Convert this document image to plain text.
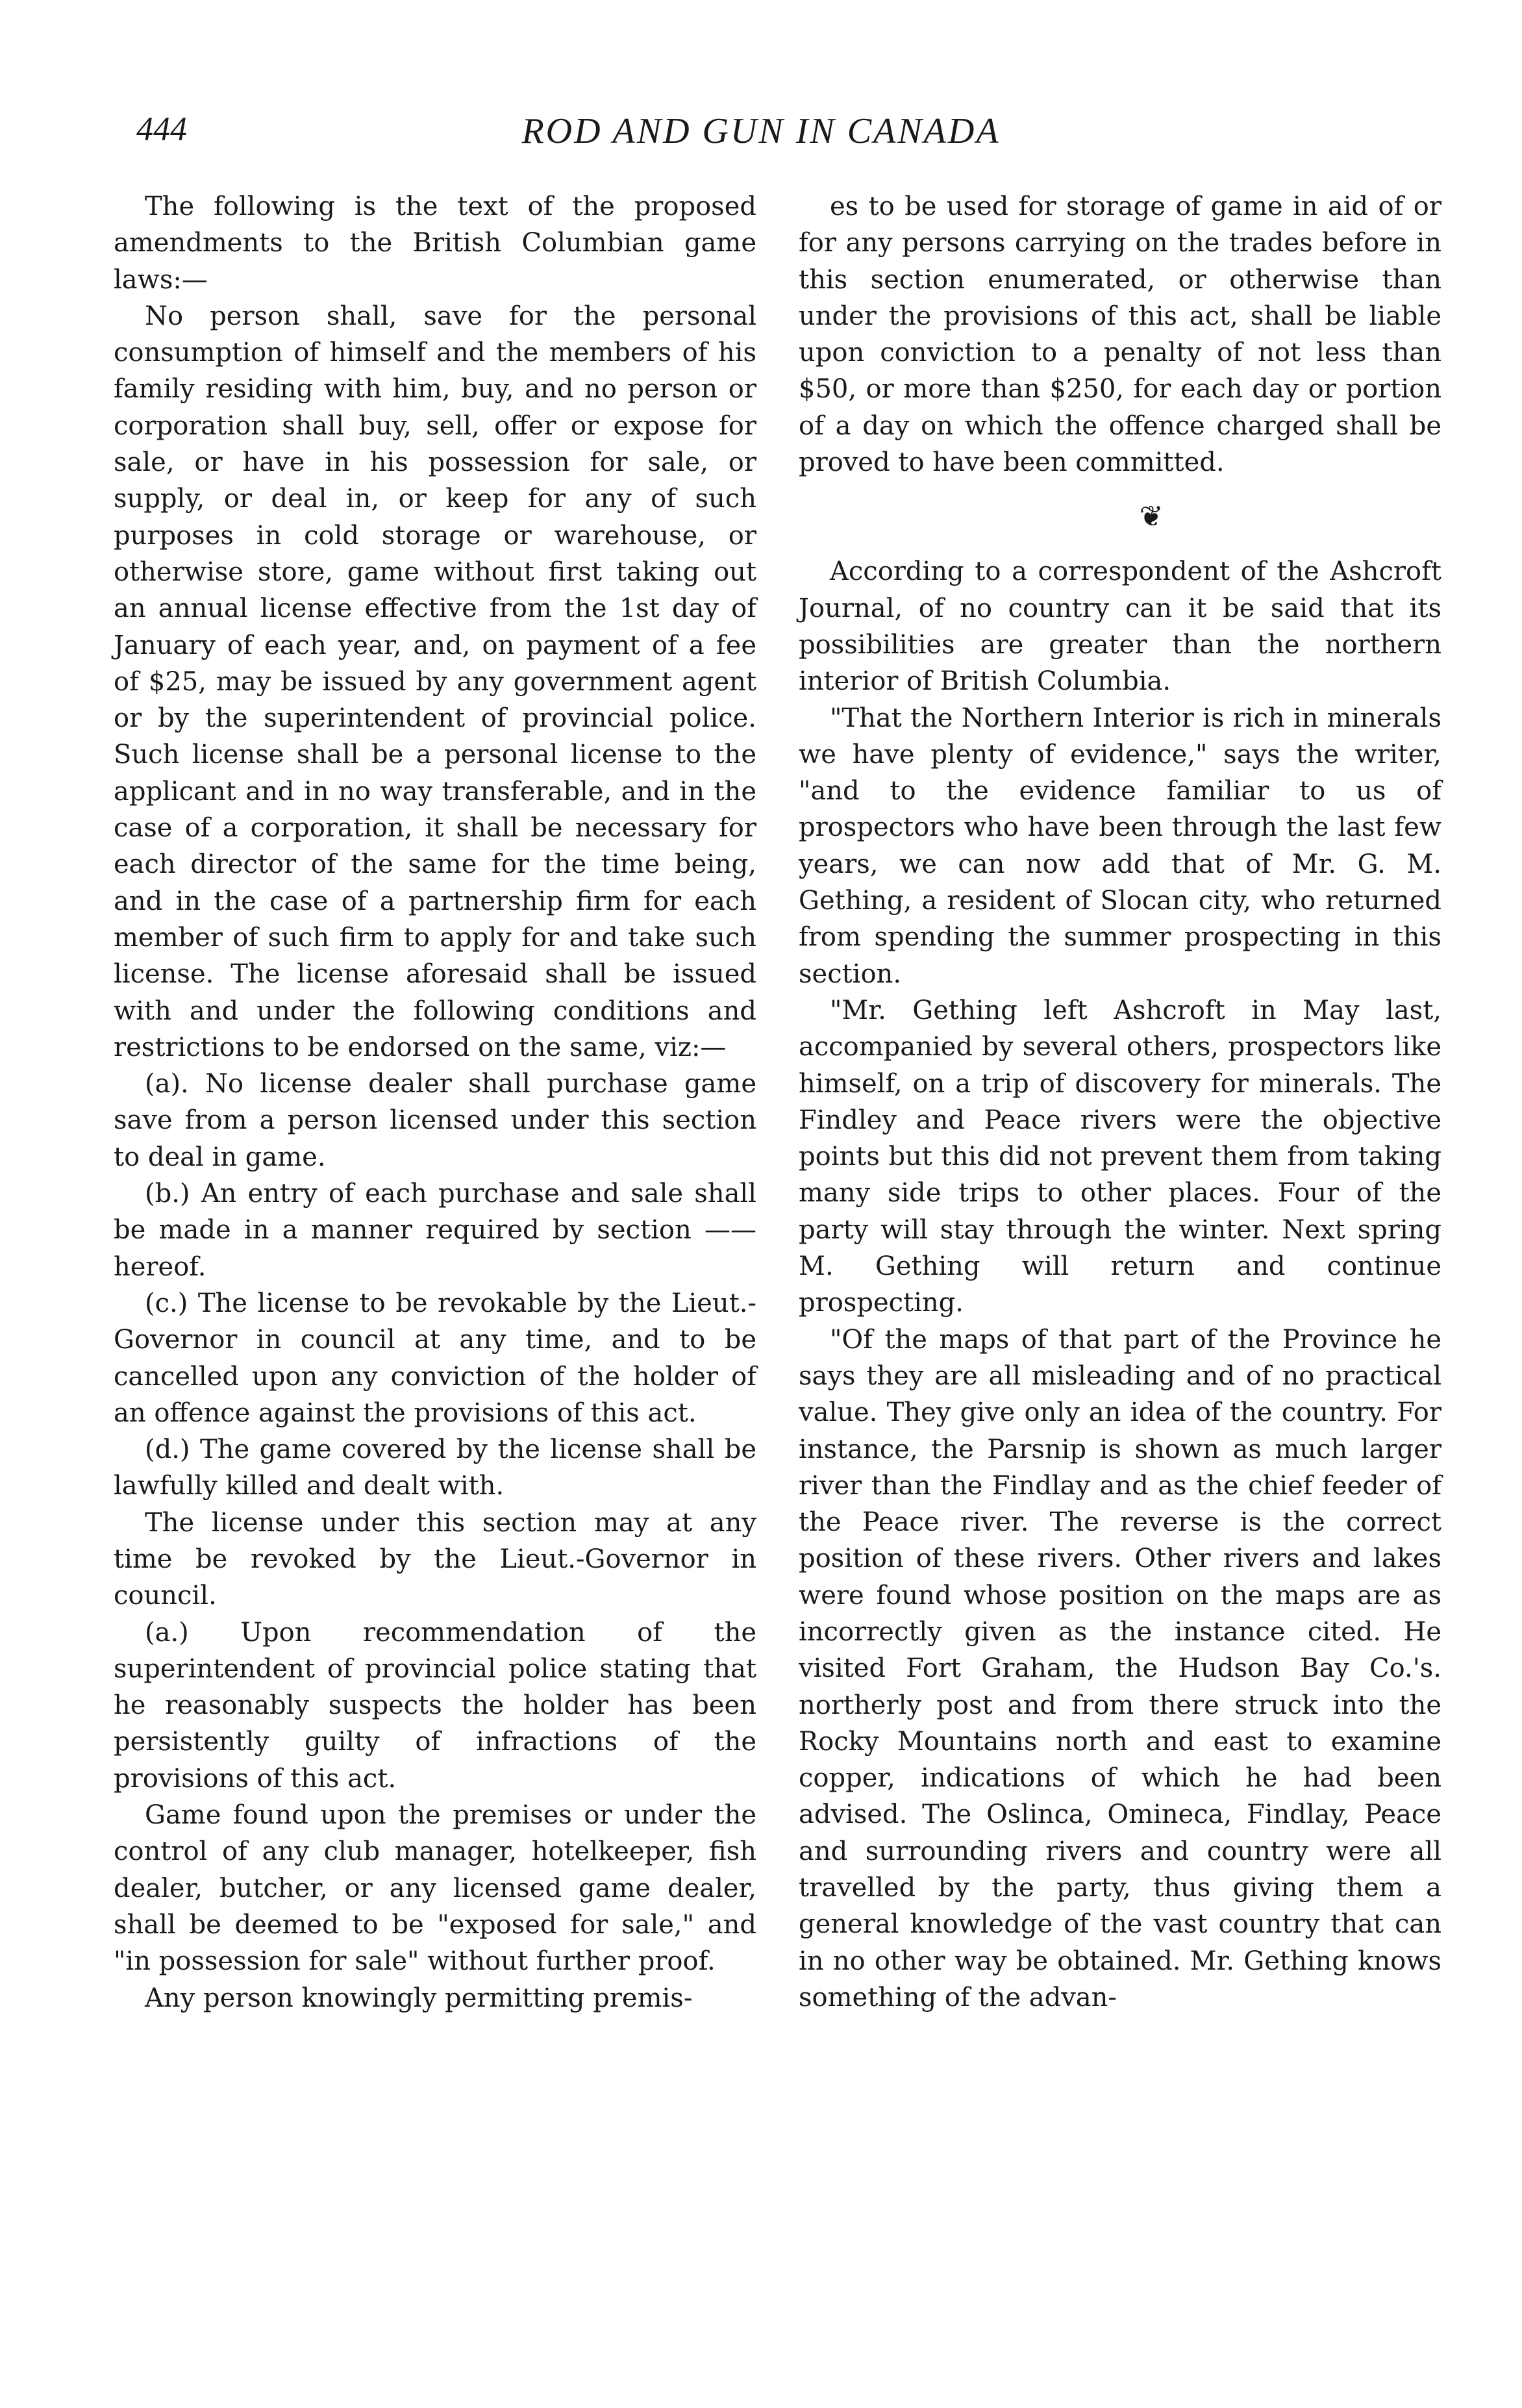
444	ROD AND GUN IN CANADA

The following is the text of the proposed amendments to the British Columbian game laws:—

No person shall, save for the personal consumption of himself and the members of his family residing with him, buy, and no person or corporation shall buy, sell, offer or expose for sale, or have in his possession for sale, or supply, or deal in, or keep for any of such purposes in cold storage or warehouse, or otherwise store, game without first taking out an annual license effective from the 1st day of January of each year, and, on payment of a fee of $25, may be issued by any government agent or by the superintendent of provincial police. Such license shall be a personal license to the applicant and in no way transferable, and in the case of a corporation, it shall be necessary for each director of the same for the time being, and in the case of a partnership firm for each member of such firm to apply for and take such license. The license aforesaid shall be issued with and under the following conditions and restrictions to be endorsed on the same, viz:—

(a). No license dealer shall purchase game save from a person licensed under this section to deal in game.

(b.) An entry of each purchase and sale shall be made in a manner required by section —— hereof.

(c.) The license to be revokable by the Lieut.-Governor in council at any time, and to be cancelled upon any conviction of the holder of an offence against the provisions of this act.

(d.) The game covered by the license shall be lawfully killed and dealt with.

The license under this section may at any time be revoked by the Lieut.-Governor in council.

(a.) Upon recommendation of the superintendent of provincial police stating that he reasonably suspects the holder has been persistently guilty of infractions of the provisions of this act.

Game found upon the premises or under the control of any club manager, hotelkeeper, fish dealer, butcher, or any licensed game dealer, shall be deemed to be "exposed for sale," and "in possession for sale" without further proof.

Any person knowingly permitting premis-

es to be used for storage of game in aid of or for any persons carrying on the trades before in this section enumerated, or otherwise than under the provisions of this act, shall be liable upon conviction to a penalty of not less than $50, or more than $250, for each day or portion of a day on which the offence charged shall be proved to have been committed.

❦

According to a correspondent of the Ashcroft Journal, of no country can it be said that its possibilities are greater than the northern interior of British Columbia.

"That the Northern Interior is rich in minerals we have plenty of evidence," says the writer, "and to the evidence familiar to us of prospectors who have been through the last few years, we can now add that of Mr. G. M. Gething, a resident of Slocan city, who returned from spending the summer prospecting in this section.

"Mr. Gething left Ashcroft in May last, accompanied by several others, prospectors like himself, on a trip of discovery for minerals. The Findley and Peace rivers were the objective points but this did not prevent them from taking many side trips to other places. Four of the party will stay through the winter. Next spring M. Gething will return and continue prospecting.

"Of the maps of that part of the Province he says they are all misleading and of no practical value. They give only an idea of the country. For instance, the Parsnip is shown as much larger river than the Findlay and as the chief feeder of the Peace river. The reverse is the correct position of these rivers. Other rivers and lakes were found whose position on the maps are as incorrectly given as the instance cited. He visited Fort Graham, the Hudson Bay Co.'s. northerly post and from there struck into the Rocky Mountains north and east to examine copper, indications of which he had been advised. The Oslinca, Omineca, Findlay, Peace and surrounding rivers and country were all travelled by the party, thus giving them a general knowledge of the vast country that can in no other way be obtained. Mr. Gething knows something of the advan-
